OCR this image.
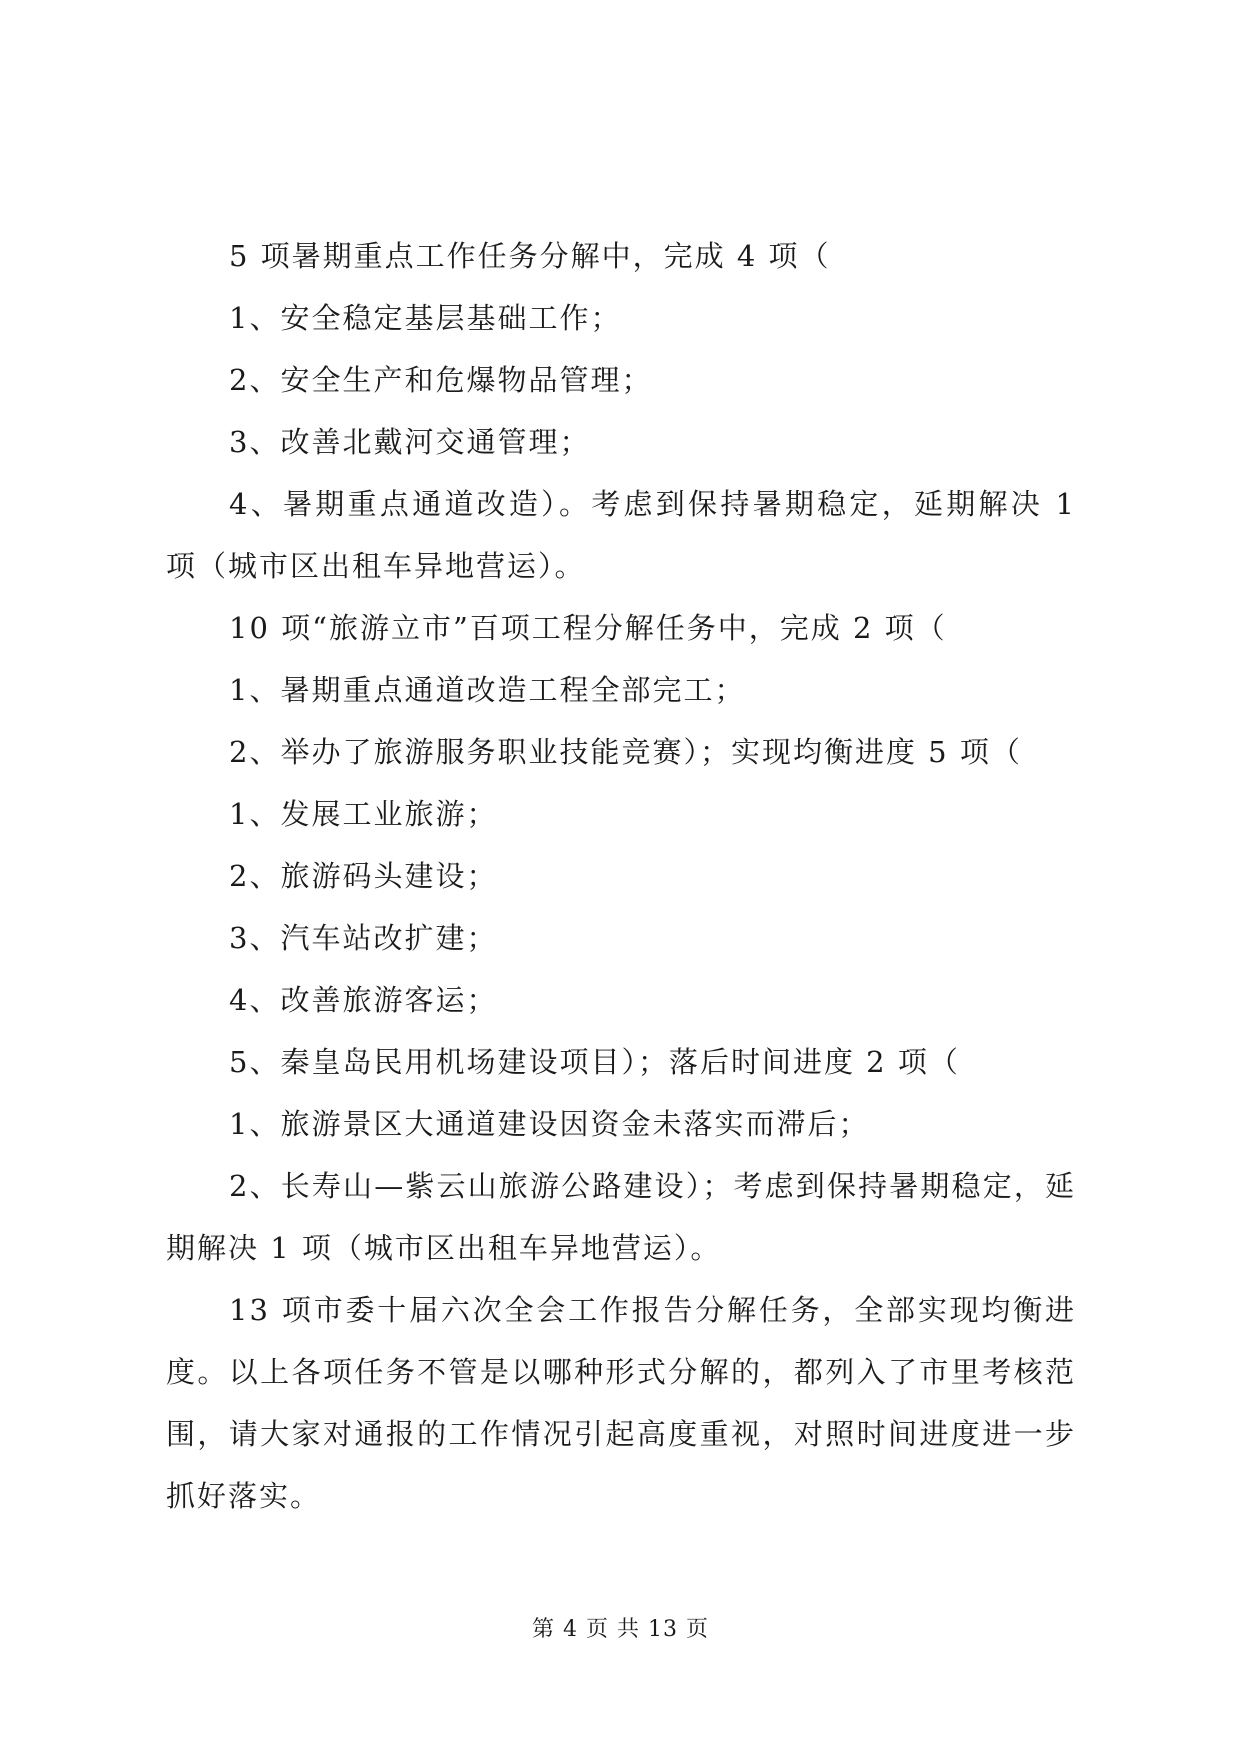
5 项暑期重点工作任务分解中，完成 4 项（

1、安全稳定基层基础工作；

2、安全生产和危爆物品管理；

3、改善北戴河交通管理；

4、暑期重点通道改造）。考虑到保持暑期稳定，延期解决 1 项（城市区出租车异地营运）。

10 项“旅游立市”百项工程分解任务中，完成 2 项（

1、暑期重点通道改造工程全部完工；

2、举办了旅游服务职业技能竞赛）；实现均衡进度 5 项（

1、发展工业旅游；

2、旅游码头建设；

3、汽车站改扩建；

4、改善旅游客运；

5、秦皇岛民用机场建设项目）；落后时间进度 2 项（

1、旅游景区大通道建设因资金未落实而滞后；

2、长寿山—紫云山旅游公路建设）；考虑到保持暑期稳定，延期解决 1 项（城市区出租车异地营运）。

13 项市委十届六次全会工作报告分解任务，全部实现均衡进度。以上各项任务不管是以哪种形式分解的，都列入了市里考核范围，请大家对通报的工作情况引起高度重视，对照时间进度进一步抓好落实。

第 4 页 共 13 页
